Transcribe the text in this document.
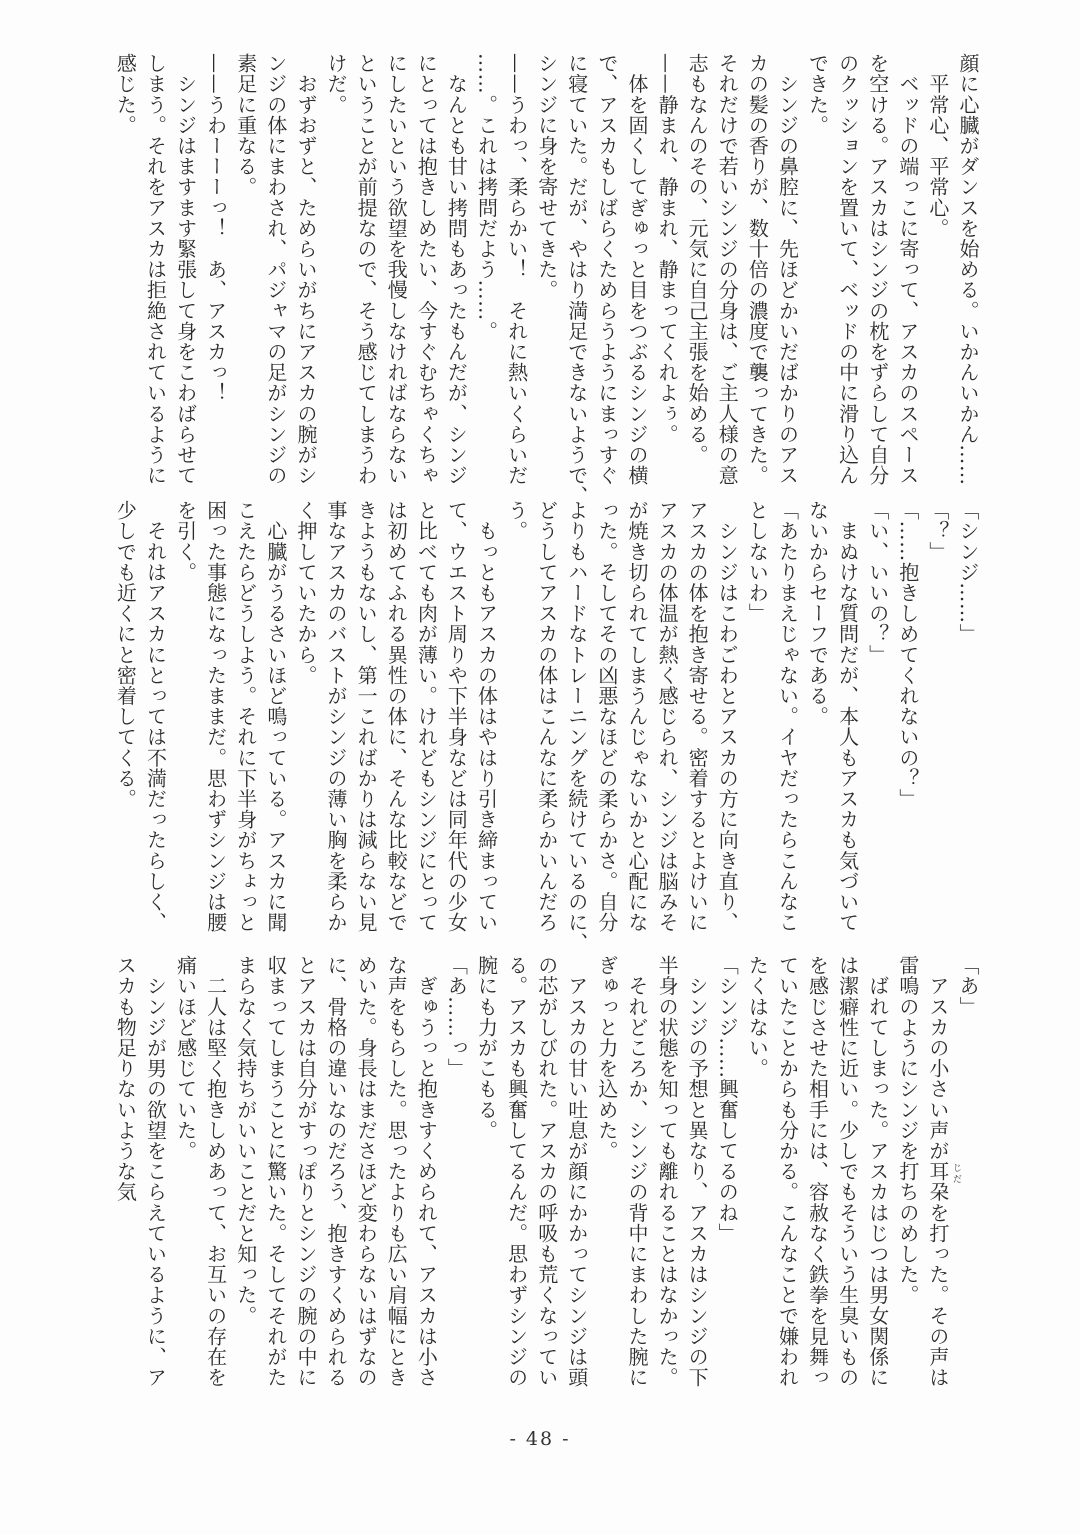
顔に心臓がダンスを始める。いかんいかん……
　平常心、平常心。
　ベッドの端っこに寄って、アスカのスペース
を空ける。アスカはシンジの枕をずらして自分
のクッションを置いて、ベッドの中に滑り込ん
できた。
　シンジの鼻腔に、先ほどかいだばかりのアス
カの髪の香りが、数十倍の濃度で襲ってきた。
それだけで若いシンジの分身は、ご主人様の意
志もなんのその、元気に自己主張を始める。
——静まれ、静まれ、静まってくれよぅ。
　体を固くしてぎゅっと目をつぶるシンジの横
で、アスカもしばらくためらうようにまっすぐ
に寝ていた。だが、やはり満足できないようで、
シンジに身を寄せてきた。
——うわっ、柔らかい！　それに熱いくらいだ
……。これは拷問だよう……。
　なんとも甘い拷問もあったもんだが、シンジ
にとっては抱きしめたい、今すぐむちゃくちゃ
にしたいという欲望を我慢しなければならない
ということが前提なので、そう感じてしまうわ
けだ。
　おずおずと、ためらいがちにアスカの腕がシ
ンジの体にまわされ、パジャマの足がシンジの
素足に重なる。
——うわーーーっ！　あ、アスカっ！
　シンジはますます緊張して身をこわばらせて
しまう。それをアスカは拒絶されているように
感じた。
「シンジ……」
「？」
「……抱きしめてくれないの？」
「い、いいの？」
　まぬけな質問だが、本人もアスカも気づいて
ないからセーフである。
「あたりまえじゃない。イヤだったらこんなこ
としないわ」
　シンジはこわごわとアスカの方に向き直り、
アスカの体を抱き寄せる。密着するとよけいに
アスカの体温が熱く感じられ、シンジは脳みそ
が焼き切られてしまうんじゃないかと心配にな
った。そしてその凶悪なほどの柔らかさ。自分
よりもハードなトレーニングを続けているのに、
どうしてアスカの体はこんなに柔らかいんだろ
う。
　もっともアスカの体はやはり引き締まってい
て、ウエスト周りや下半身などは同年代の少女
と比べても肉が薄い。けれどもシンジにとって
は初めてふれる異性の体に、そんな比較などで
きようもないし、第一こればかりは減らない見
事なアスカのバストがシンジの薄い胸を柔らか
く押していたから。
　心臓がうるさいほど鳴っている。アスカに聞
こえたらどうしよう。それに下半身がちょっと
困った事態になったままだ。思わずシンジは腰
を引く。
　それはアスカにとっては不満だったらしく、
少しでも近くにと密着してくる。
「あ」
　アスカの小さい声が耳朶を打った。その声は
雷鳴のようにシンジを打ちのめした。
　ばれてしまった。アスカはじつは男女関係に
は潔癖性に近い。少しでもそういう生臭いもの
を感じさせた相手には、容赦なく鉄拳を見舞っ
ていたことからも分かる。こんなことで嫌われ
たくはない。
「シンジ……興奮してるのね」
　シンジの予想と異なり、アスカはシンジの下
半身の状態を知っても離れることはなかった。
　それどころか、シンジの背中にまわした腕に
ぎゅっと力を込めた。
　アスカの甘い吐息が顔にかかってシンジは頭
の芯がしびれた。アスカの呼吸も荒くなってい
る。アスカも興奮してるんだ。思わずシンジの
腕にも力がこもる。
「あ……っ」
　ぎゅうっと抱きすくめられて、アスカは小さ
な声をもらした。思ったよりも広い肩幅にとき
めいた。身長はまださほど変わらないはずなの
に、骨格の違いなのだろう、抱きすくめられる
とアスカは自分がすっぽりとシンジの腕の中に
収まってしまうことに驚いた。そしてそれがた
まらなく気持ちがいいことだと知った。
　二人は堅く抱きしめあって、お互いの存在を
痛いほど感じていた。
　シンジが男の欲望をこらえているように、ア
スカも物足りないような気	じだ
- 48 -
